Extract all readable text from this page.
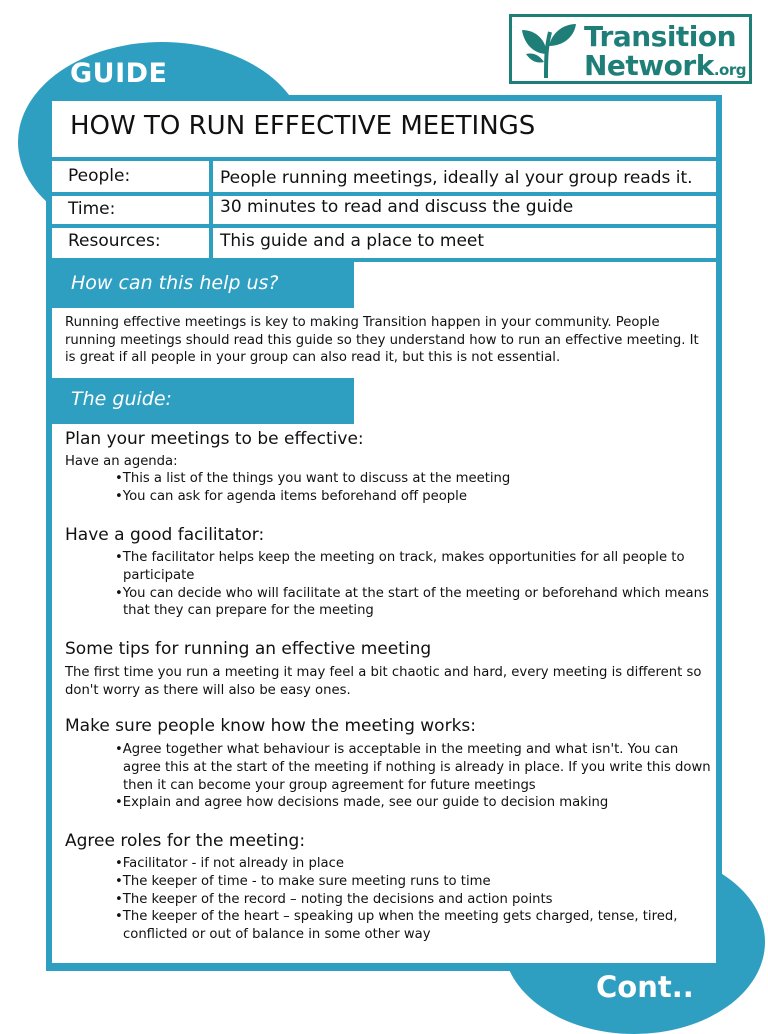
GUIDE
Transition
Network.org
HOW TO RUN EFFECTIVE MEETINGS
People:	People running meetings, ideally al your group reads it.
Time:	30 minutes to read and discuss the guide
Resources:	This guide and a place to meet
How can this help us?
Running effective meetings is key to making Transition happen in your community. People running meetings should read this guide so they understand how to run an effective meeting. It is great if all people in your group can also read it, but this is not essential.
The guide:
Plan your meetings to be effective:
Have an agenda:
•This a list of the things you want to discuss at the meeting
•You can ask for agenda items beforehand off people
Have a good facilitator:
•The facilitator helps keep the meeting on track, makes opportunities for all people to participate
•You can decide who will facilitate at the start of the meeting or beforehand which means that they can prepare for the meeting
Some tips for running an effective meeting
The first time you run a meeting it may feel a bit chaotic and hard, every meeting is different so don't worry as there will also be easy ones.
Make sure people know how the meeting works:
•Agree together what behaviour is acceptable in the meeting and what isn't. You can agree this at the start of the meeting if nothing is already in place. If you write this down then it can become your group agreement for future meetings
•Explain and agree how decisions made, see our guide to decision making
Agree roles for the meeting:
•Facilitator - if not already in place
•The keeper of time - to make sure meeting runs to time
•The keeper of the record – noting the decisions and action points
•The keeper of the heart – speaking up when the meeting gets charged, tense, tired, conflicted or out of balance in some other way
Cont..
